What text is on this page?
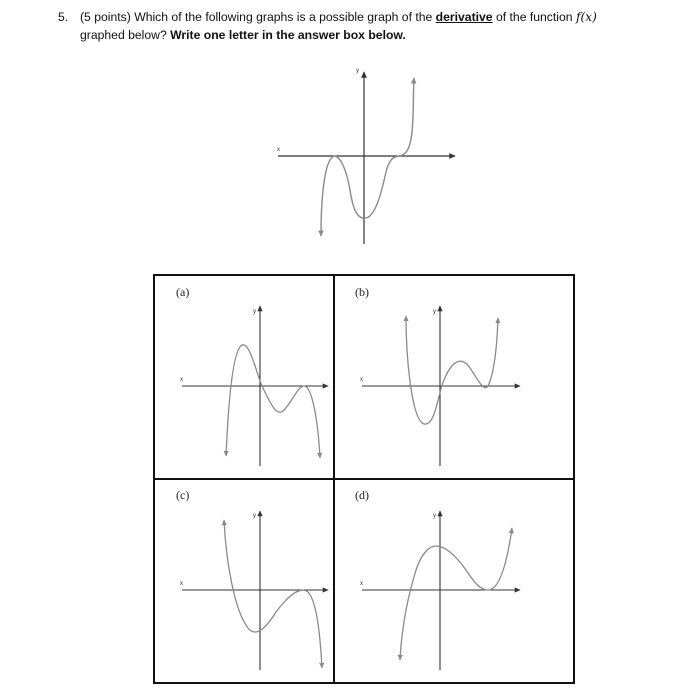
5. (5 points) Which of the following graphs is a possible graph of the derivative of the function f(x)
graphed below? Write one letter in the answer box below.
x
y
x
y
x
y
x
y
x
y
(a)	(b)
(c)	(d)
